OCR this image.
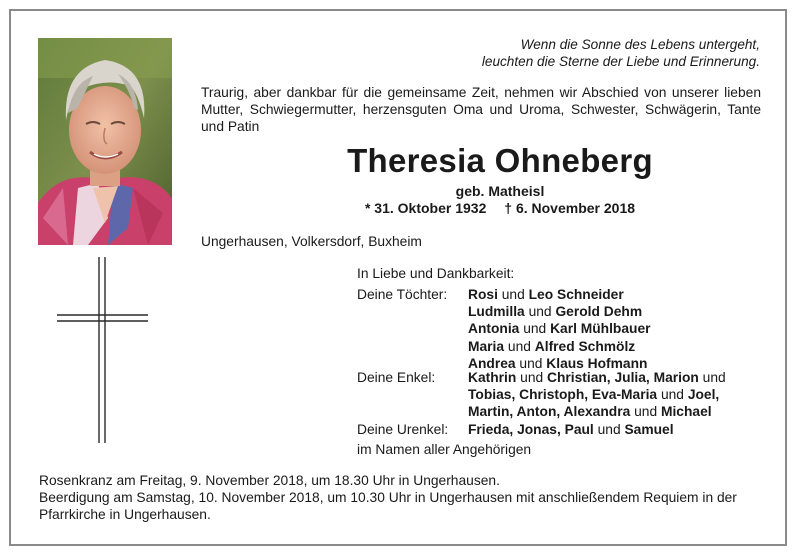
Wenn die Sonne des Lebens untergeht,
leuchten die Sterne der Liebe und Erinnerung.
Traurig, aber dankbar für die gemeinsame Zeit, nehmen wir Abschied von unserer lieben Mutter, Schwiegermutter, herzensguten Oma und Uroma, Schwester, Schwägerin, Tante und Patin
Theresia Ohneberg
geb. Matheisl
* 31. Oktober 1932 † 6. November 2018
Ungerhausen, Volkersdorf, Buxheim
In Liebe und Dankbarkeit:
Deine Töchter: Rosi und Leo Schneider
Ludmilla und Gerold Dehm
Antonia und Karl Mühlbauer
Maria und Alfred Schmölz
Andrea und Klaus Hofmann
Deine Enkel: Kathrin und Christian, Julia, Marion und
Tobias, Christoph, Eva-Maria und Joel,
Martin, Anton, Alexandra und Michael
Deine Urenkel: Frieda, Jonas, Paul und Samuel
im Namen aller Angehörigen
Rosenkranz am Freitag, 9. November 2018, um 18.30 Uhr in Ungerhausen.
Beerdigung am Samstag, 10. November 2018, um 10.30 Uhr in Ungerhausen mit anschließendem Requiem in der Pfarrkirche in Ungerhausen.
